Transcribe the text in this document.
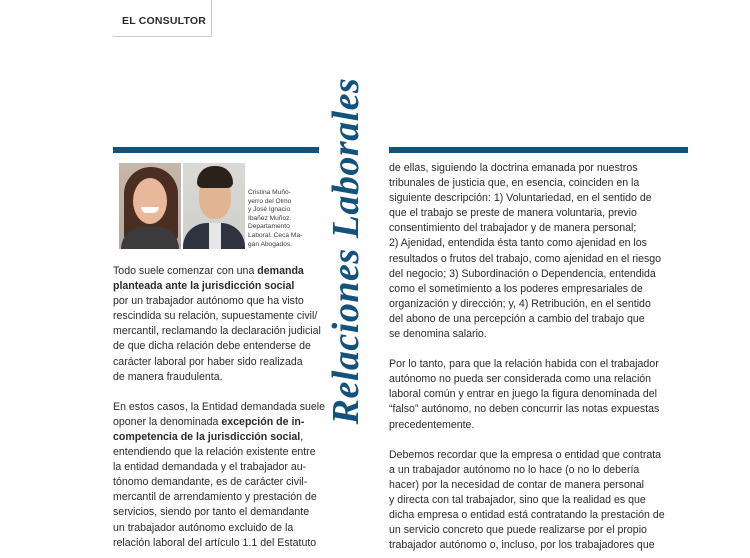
EL CONSULTOR
Relaciones Laborales
Cristina Muño-
yerro del Olmo
y José Ignacio
Ibañez Muñoz.
Departamento
Laboral. Ceca Ma-
gán Abogados.
Todo suele comenzar con una demanda
planteada ante la jurisdicción social
por un trabajador autónomo que ha visto
rescindida su relación, supuestamente civil/
mercantil, reclamando la declaración judicial
de que dicha relación debe entenderse de
carácter laboral por haber sido realizada
de manera fraudulenta.
En estos casos, la Entidad demandada suele
oponer la denominada excepción de in-
competencia de la jurisdicción social,
entendiendo que la relación existente entre
la entidad demandada y el trabajador au-
tónomo demandante, es de carácter civil-
mercantil de arrendamiento y prestación de
servicios, siendo por tanto el demandante
un trabajador autónomo excluido de la
relación laboral del artículo 1.1 del Estatuto
de ellas, siguiendo la doctrina emanada por nuestros
tribunales de justicia que, en esencia, coinciden en la
siguiente descripción: 1) Voluntariedad, en el sentido de
que el trabajo se preste de manera voluntaria, previo
consentimiento del trabajador y de manera personal;
2) Ajenidad, entendida ésta tanto como ajenidad en los
resultados o frutos del trabajo, como ajenidad en el riesgo
del negocio; 3) Subordinación o Dependencia, entendida
como el sometimiento a los poderes empresariales de
organización y dirección; y, 4) Retribución, en el sentido
del abono de una percepción a cambio del trabajo que
se denomina salario.
Por lo tanto, para que la relación habida con el trabajador
autónomo no pueda ser considerada como una relación
laboral común y entrar en juego la figura denominada del
“falso” autónomo, no deben concurrir las notas expuestas
precedentemente.
Debemos recordar que la empresa o entidad que contrata
a un trabajador autónomo no lo hace (o no lo debería
hacer) por la necesidad de contar de manera personal
y directa con tal trabajador, sino que la realidad es que
dicha empresa o entidad está contratando la prestación de
un servicio concreto que puede realizarse por el propio
trabajador autónomo o, incluso, por los trabajadores que
